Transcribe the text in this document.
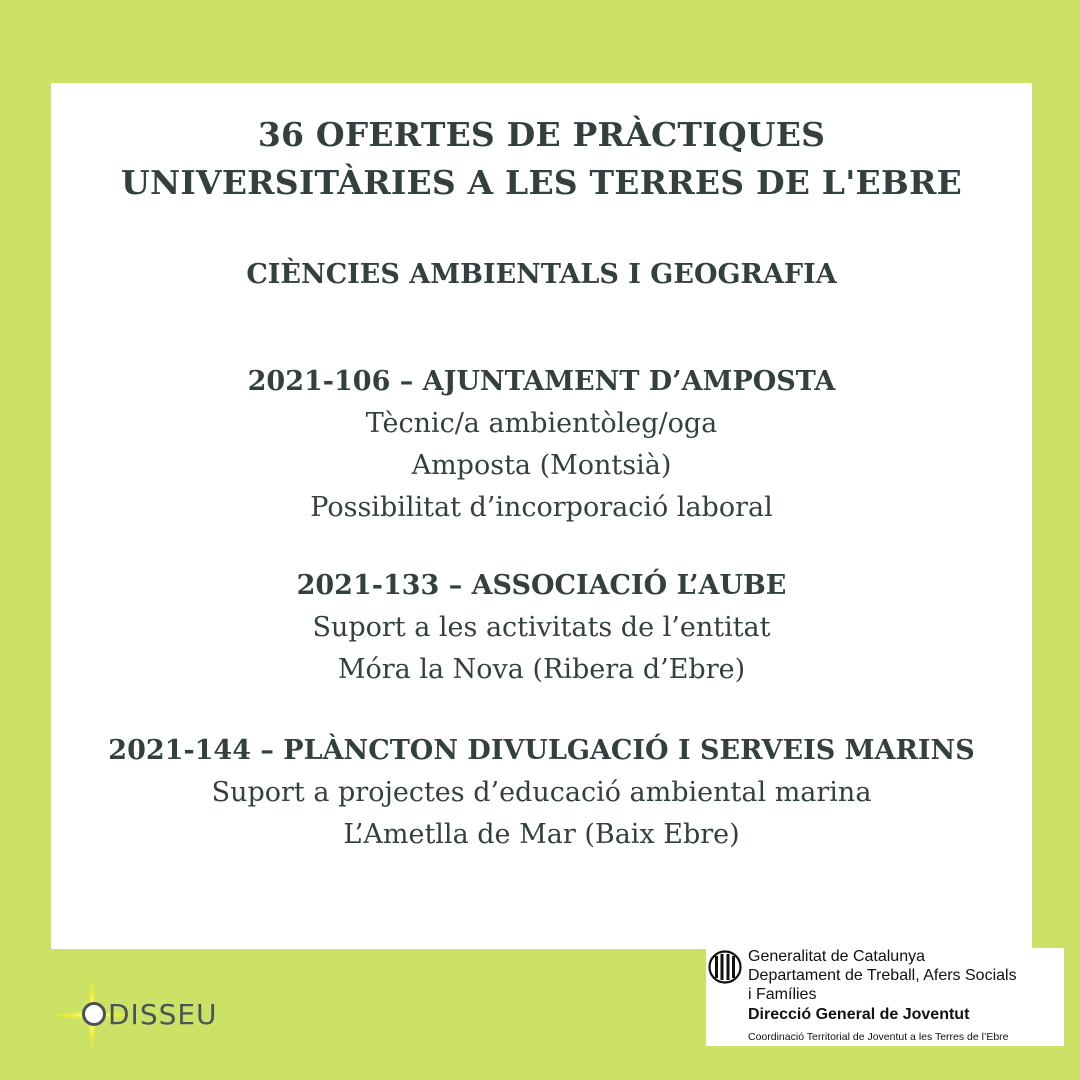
36 OFERTES DE PRÀCTIQUES
UNIVERSITÀRIES A LES TERRES DE L'EBRE
CIÈNCIES AMBIENTALS I GEOGRAFIA
2021-106 – AJUNTAMENT D’AMPOSTA
Tècnic/a ambientòleg/oga
Amposta (Montsià)
Possibilitat d’incorporació laboral
2021-133 – ASSOCIACIÓ L’AUBE
Suport a les activitats de l’entitat
Móra la Nova (Ribera d’Ebre)
2021-144 – PLÀNCTON DIVULGACIÓ I SERVEIS MARINS
Suport a projectes d’educació ambiental marina
L’Ametlla de Mar (Baix Ebre)
DISSEU
Generalitat de Catalunya
Departament de Treball, Afers Socials
i Famílies
Direcció General de Joventut
Coordinació Territorial de Joventut a les Terres de l’Ebre
